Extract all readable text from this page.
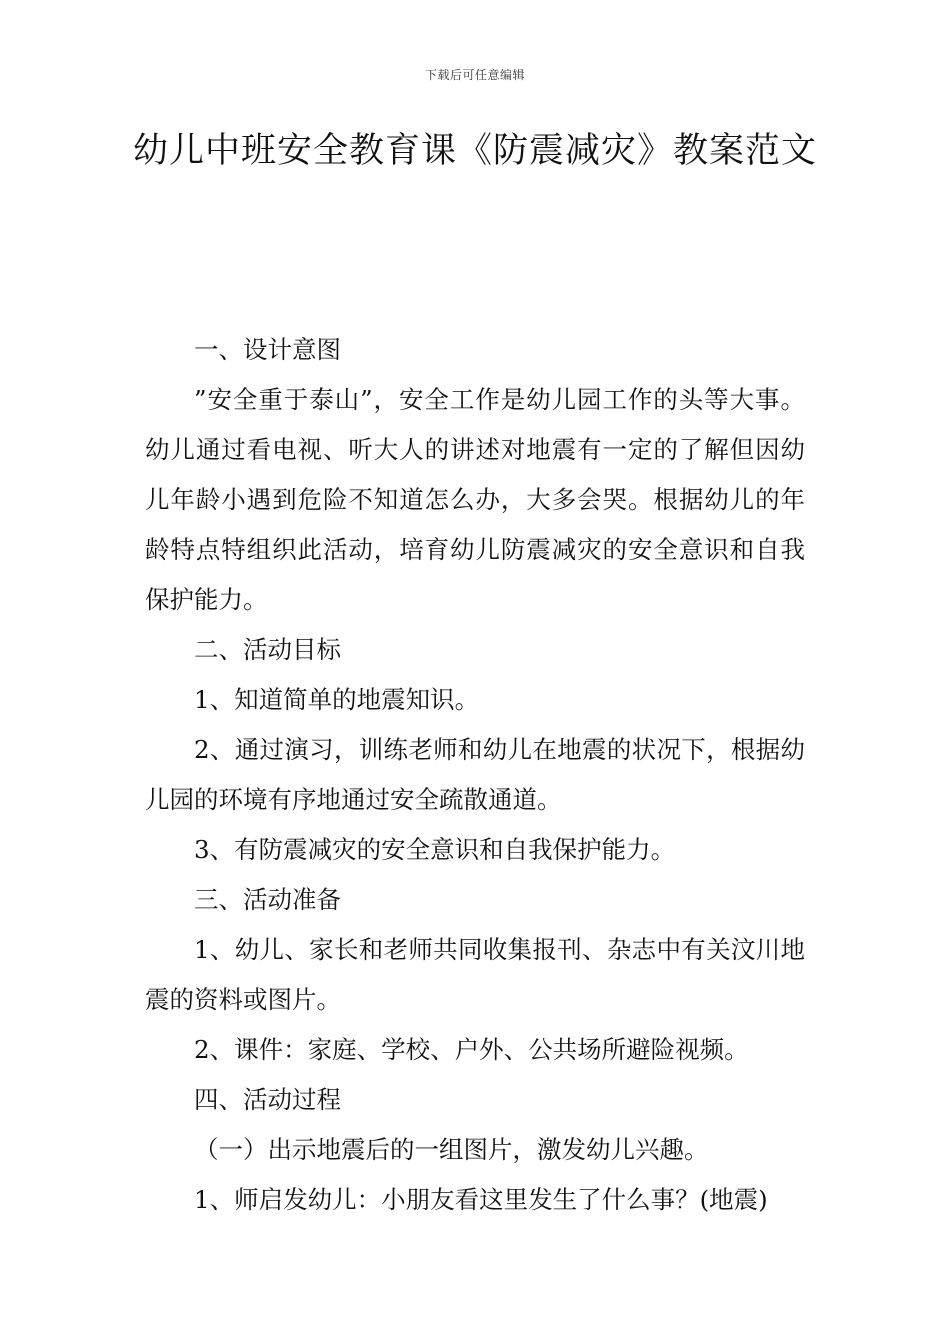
下载后可任意编辑
幼儿中班安全教育课《防震减灾》教案范文

一、设计意图

”安全重于泰山”，安全工作是幼儿园工作的头等大事。幼儿通过看电视、听大人的讲述对地震有一定的了解但因幼儿年龄小遇到危险不知道怎么办，大多会哭。根据幼儿的年龄特点特组织此活动，培育幼儿防震减灾的安全意识和自我保护能力。

二、活动目标

1、知道简单的地震知识。

2、通过演习，训练老师和幼儿在地震的状况下，根据幼儿园的环境有序地通过安全疏散通道。

3、有防震减灾的安全意识和自我保护能力。

三、活动准备

1、幼儿、家长和老师共同收集报刊、杂志中有关汶川地震的资料或图片。

2、课件：家庭、学校、户外、公共场所避险视频。

四、活动过程

（一）出示地震后的一组图片，激发幼儿兴趣。

1、师启发幼儿：小朋友看这里发生了什么事？(地震)
